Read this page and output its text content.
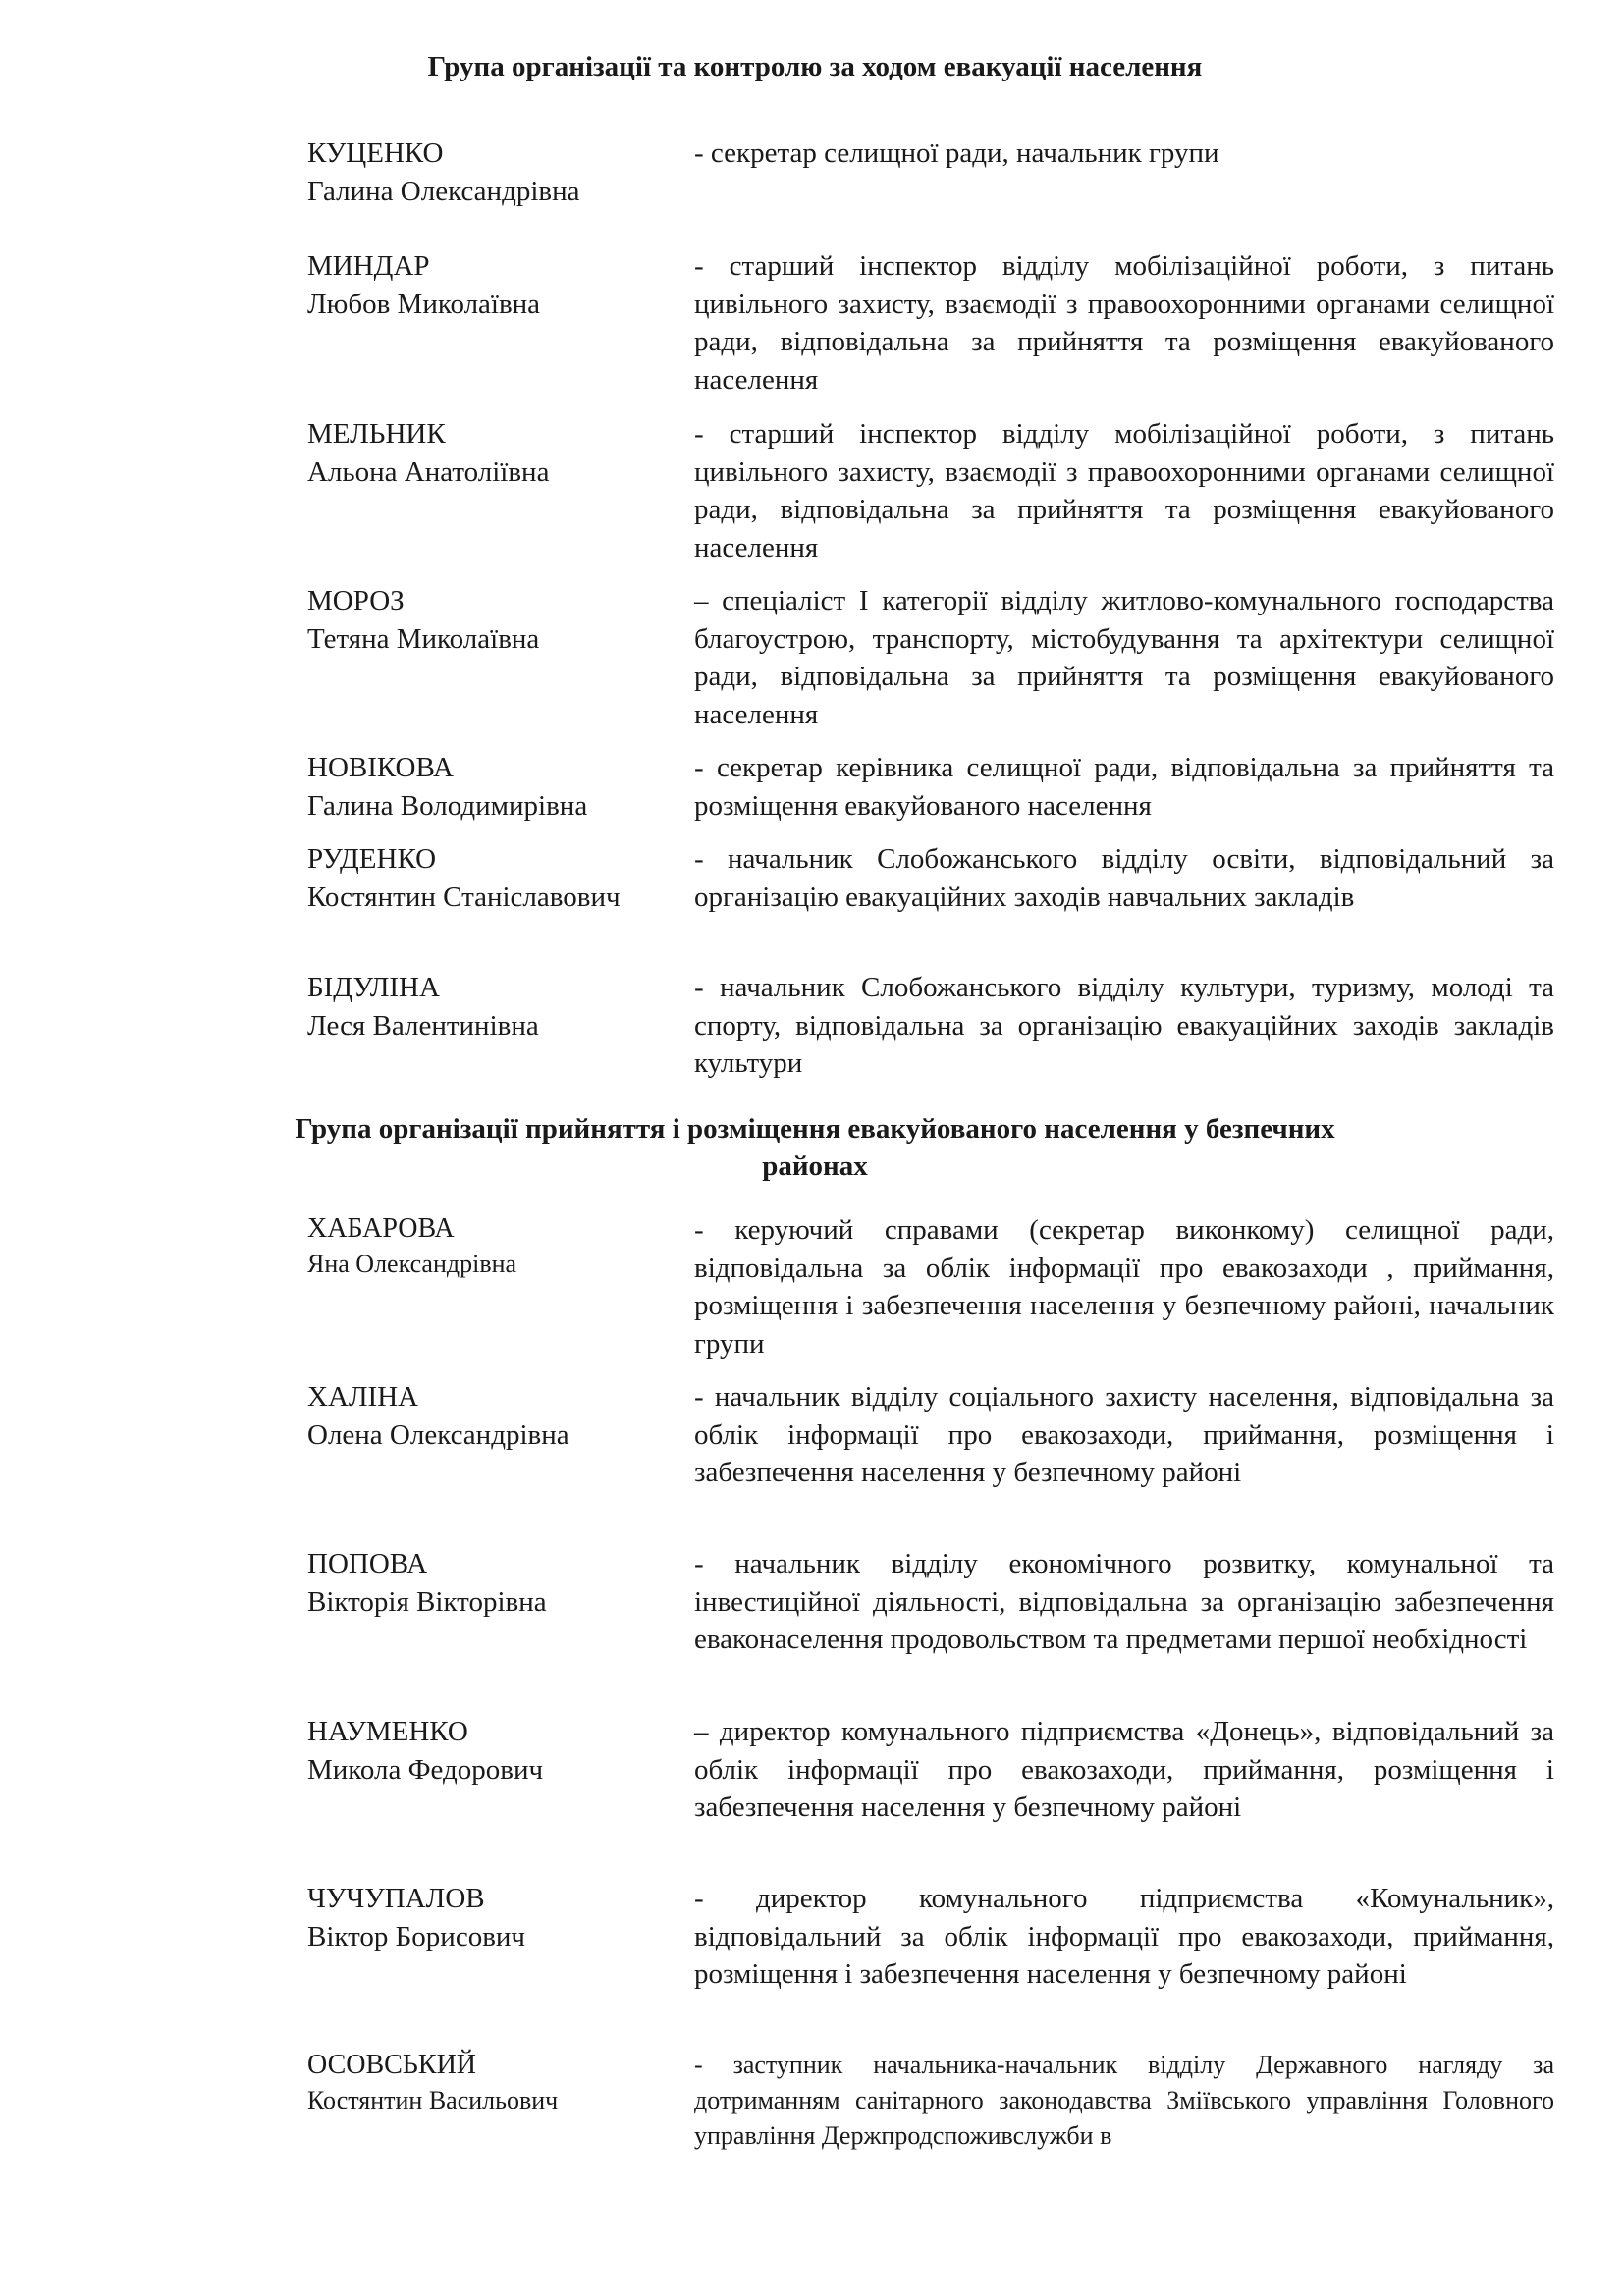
Група організації та контролю за ходом евакуації населення
КУЦЕНКО
Галина Олександрівна
- секретар селищної ради, начальник групи
МИНДАР
Любов Миколаївна
- старший інспектор відділу мобілізаційної роботи, з питань цивільного захисту, взаємодії з правоохоронними органами селищної ради, відповідальна за прийняття та розміщення евакуйованого населення
МЕЛЬНИК
Альона Анатоліївна
- старший інспектор відділу мобілізаційної роботи, з питань цивільного захисту, взаємодії з правоохоронними органами селищної ради, відповідальна за прийняття та розміщення евакуйованого населення
МОРОЗ
Тетяна Миколаївна
– спеціаліст І категорії відділу житлово-комунального господарства благоустрою, транспорту, містобудування та архітектури селищної ради, відповідальна за прийняття та розміщення евакуйованого населення
НОВІКОВА
Галина Володимирівна
- секретар керівника селищної ради, відповідальна за прийняття та розміщення евакуйованого населення
РУДЕНКО
Костянтин Станіславович
- начальник Слобожанського відділу освіти, відповідальний за організацію евакуаційних заходів навчальних закладів
БІДУЛІНА
Леся Валентинівна
- начальник Слобожанського відділу культури, туризму, молоді та спорту, відповідальна за організацію евакуаційних заходів закладів культури
Група організації прийняття і розміщення евакуйованого населення у безпечних районах
ХАБАРОВА
Яна Олександрівна
- керуючий справами (секретар виконкому) селищної ради, відповідальна за облік інформації про евакозаходи , приймання, розміщення і забезпечення населення у безпечному районі, начальник групи
ХАЛІНА
Олена Олександрівна
- начальник відділу соціального захисту населення, відповідальна за облік інформації про евакозаходи, приймання, розміщення і забезпечення населення у безпечному районі
ПОПОВА
Вікторія Вікторівна
- начальник відділу економічного розвитку, комунальної та інвестиційної діяльності, відповідальна за організацію забезпечення еваконаселення продовольством та предметами першої необхідності
НАУМЕНКО
Микола Федорович
– директор комунального підприємства «Донець», відповідальний за облік інформації про евакозаходи, приймання, розміщення і забезпечення населення у безпечному районі
ЧУЧУПАЛОВ
Віктор Борисович
- директор комунального підприємства «Комунальник», відповідальний за облік інформації про евакозаходи, приймання, розміщення і забезпечення населення у безпечному районі
ОСОВСЬКИЙ
Костянтин Васильович
- заступник начальника-начальник відділу Державного нагляду за дотриманням санітарного законодавства Зміївського управління Головного управління Держпродспоживслужби в
